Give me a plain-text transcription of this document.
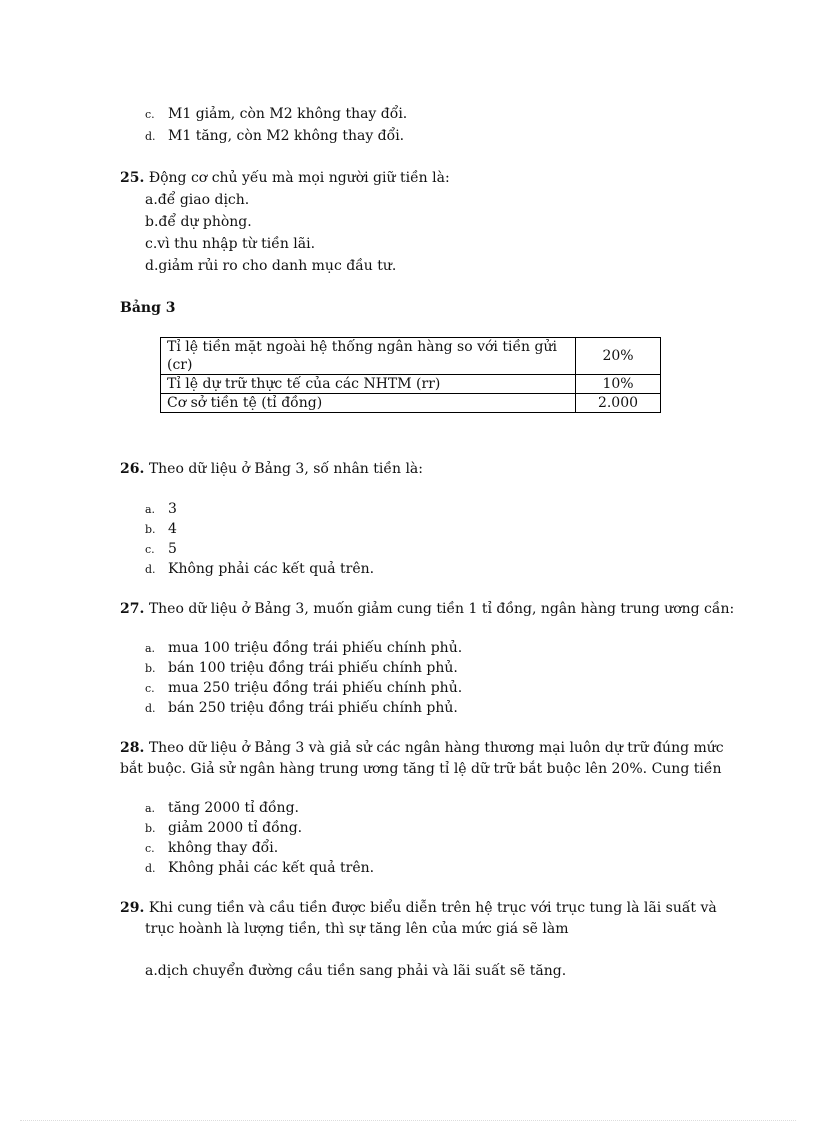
c. M1 giảm, còn M2 không thay đổi.
d. M1 tăng, còn M2 không thay đổi.
25. Động cơ chủ yếu mà mọi người giữ tiền là:
a.để giao dịch.
b.để dự phòng.
c.vì thu nhập từ tiền lãi.
d.giảm rủi ro cho danh mục đầu tư.
Bảng 3
Tỉ lệ tiền mặt ngoài hệ thống ngân hàng so với tiền gửi (cr)	20%
Tỉ lệ dự trữ thực tế của các NHTM (rr)	10%
Cơ sở tiền tệ (tỉ đồng)	2.000
26. Theo dữ liệu ở Bảng 3, số nhân tiền là:
a. 3
b. 4
c. 5
d. Không phải các kết quả trên.
27. Theo dữ liệu ở Bảng 3, muốn giảm cung tiền 1 tỉ đồng, ngân hàng trung ương cần:
a. mua 100 triệu đồng trái phiếu chính phủ.
b. bán 100 triệu đồng trái phiếu chính phủ.
c. mua 250 triệu đồng trái phiếu chính phủ.
d. bán 250 triệu đồng trái phiếu chính phủ.
28. Theo dữ liệu ở Bảng 3 và giả sử các ngân hàng thương mại luôn dự trữ đúng mức
bắt buộc. Giả sử ngân hàng trung ương tăng tỉ lệ dữ trữ bắt buộc lên 20%. Cung tiền
a. tăng 2000 tỉ đồng.
b. giảm 2000 tỉ đồng.
c. không thay đổi.
d. Không phải các kết quả trên.
29. Khi cung tiền và cầu tiền được biểu diễn trên hệ trục với trục tung là lãi suất và
trục hoành là lượng tiền, thì sự tăng lên của mức giá sẽ làm
a.dịch chuyển đường cầu tiền sang phải và lãi suất sẽ tăng.
